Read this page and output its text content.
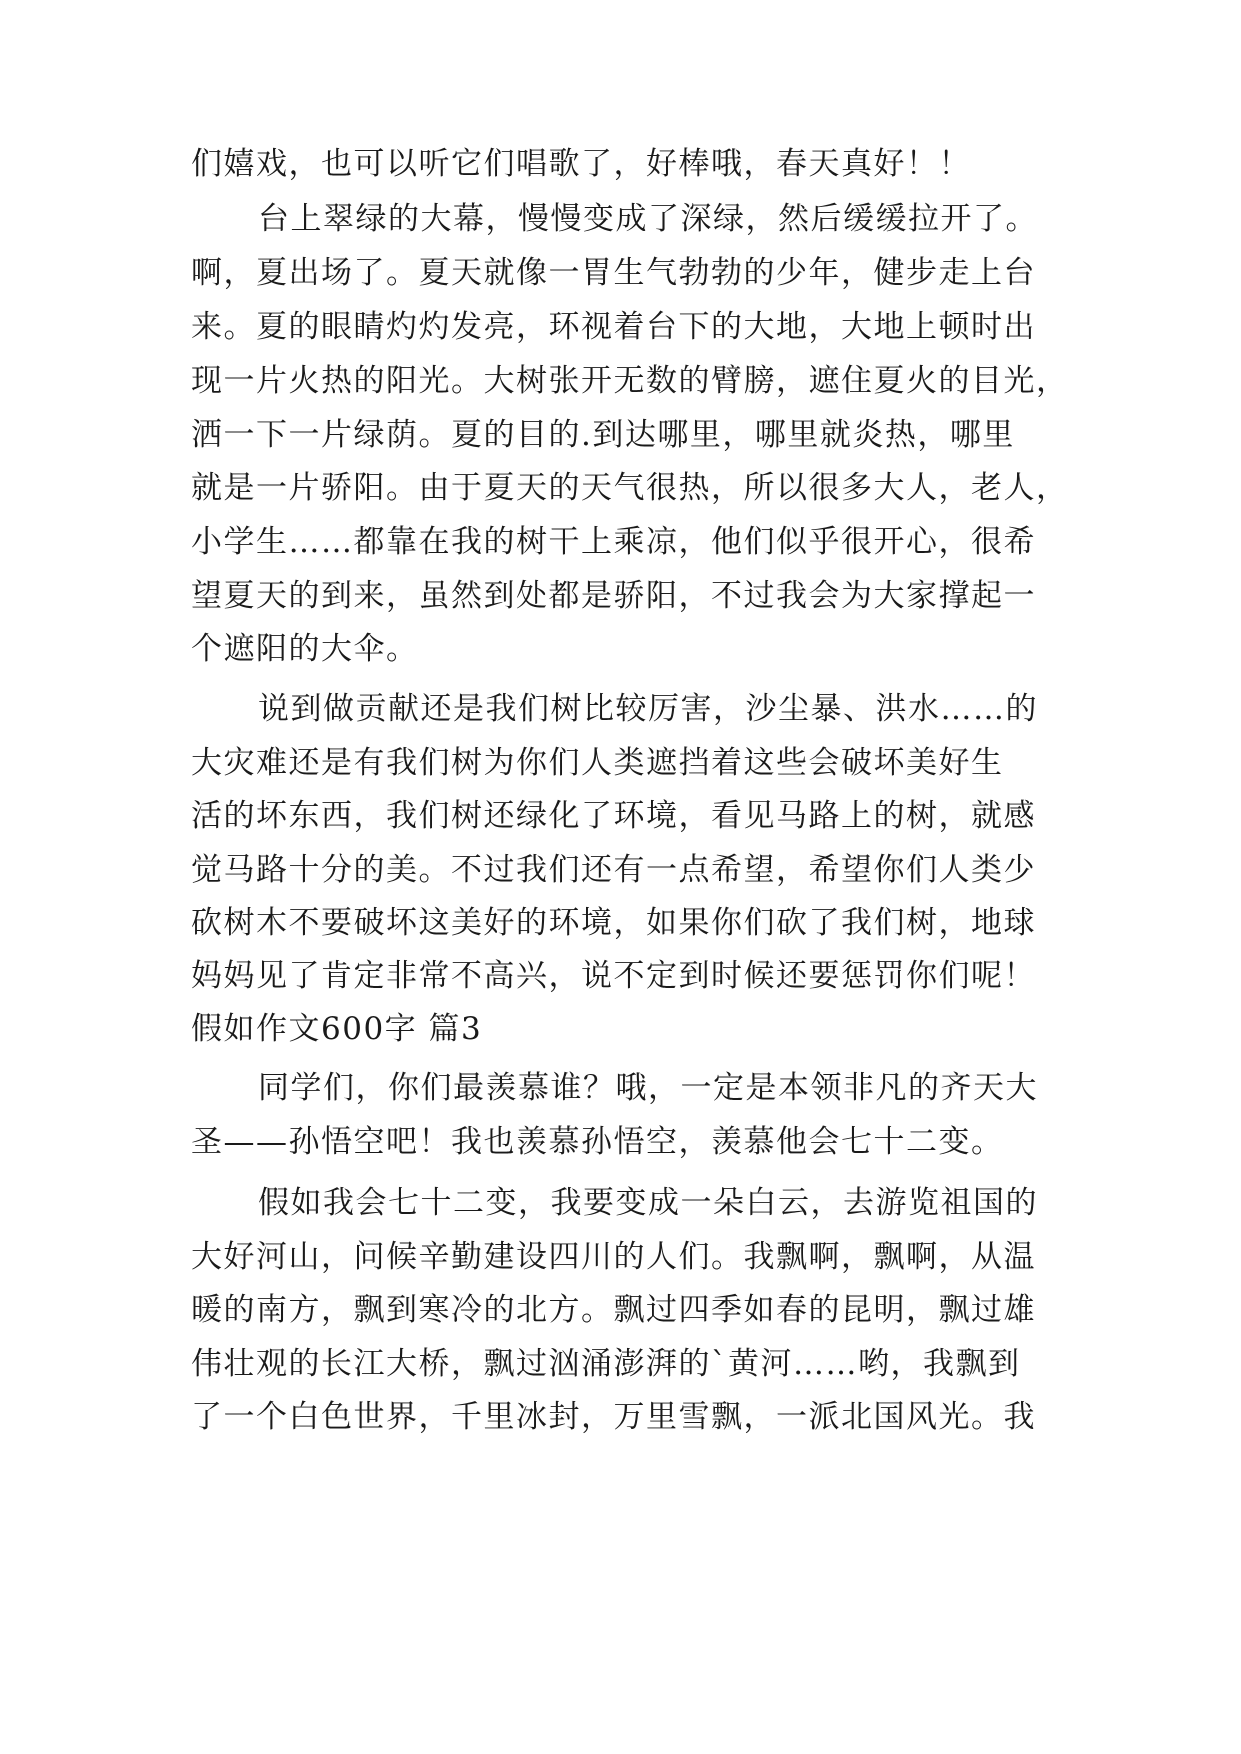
们嬉戏，也可以听它们唱歌了，好棒哦，春天真好！！
台上翠绿的大幕，慢慢变成了深绿，然后缓缓拉开了。
啊，夏出场了。夏天就像一胃生气勃勃的少年，健步走上台
来。夏的眼睛灼灼发亮，环视着台下的大地，大地上顿时出
现一片火热的阳光。大树张开无数的臂膀，遮住夏火的目光，
洒一下一片绿荫。夏的目的.到达哪里，哪里就炎热，哪里
就是一片骄阳。由于夏天的天气很热，所以很多大人，老人，
小学生……都靠在我的树干上乘凉，他们似乎很开心，很希
望夏天的到来，虽然到处都是骄阳，不过我会为大家撑起一
个遮阳的大伞。
说到做贡献还是我们树比较厉害，沙尘暴、洪水……的
大灾难还是有我们树为你们人类遮挡着这些会破坏美好生
活的坏东西，我们树还绿化了环境，看见马路上的树，就感
觉马路十分的美。不过我们还有一点希望，希望你们人类少
砍树木不要破坏这美好的环境，如果你们砍了我们树，地球
妈妈见了肯定非常不高兴，说不定到时候还要惩罚你们呢！
假如作文600字 篇3
同学们，你们最羡慕谁？哦，一定是本领非凡的齐天大
圣——孙悟空吧！我也羡慕孙悟空，羡慕他会七十二变。
假如我会七十二变，我要变成一朵白云，去游览祖国的
大好河山，问候辛勤建设四川的人们。我飘啊，飘啊，从温
暖的南方，飘到寒冷的北方。飘过四季如春的昆明，飘过雄
伟壮观的长江大桥，飘过汹涌澎湃的`黄河……哟，我飘到
了一个白色世界，千里冰封，万里雪飘，一派北国风光。我
